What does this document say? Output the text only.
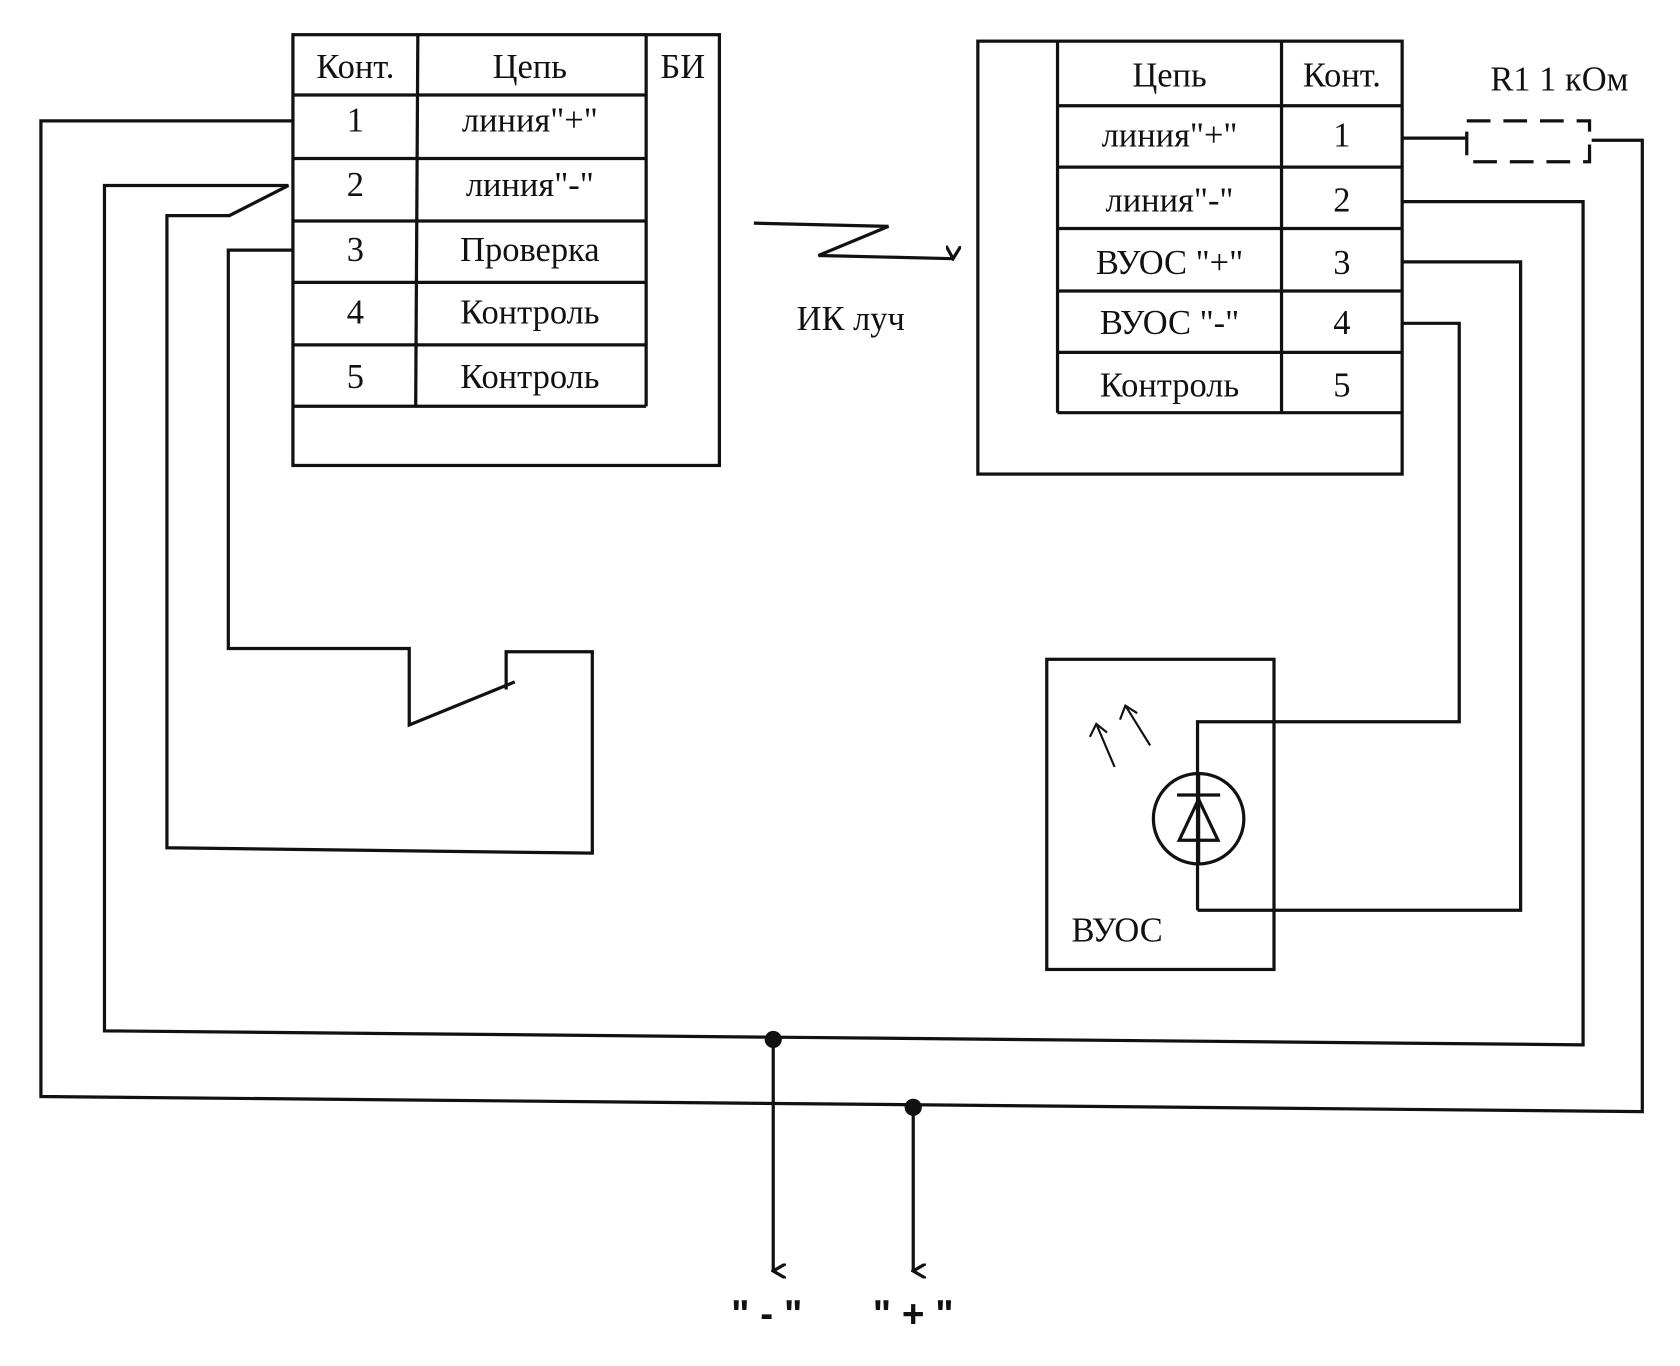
Конт.	Цепь	БИ
1	линия"+"
2	линия"-"
3	Проверка
4	Контроль
5	Контроль
Цепь	Конт.
линия"+"	1
линия"-"	2
ВУОС "+"	3
ВУОС "-"	4
Контроль	5
ИК луч
R1 1 кОм
ВУОС
" - " " + "
